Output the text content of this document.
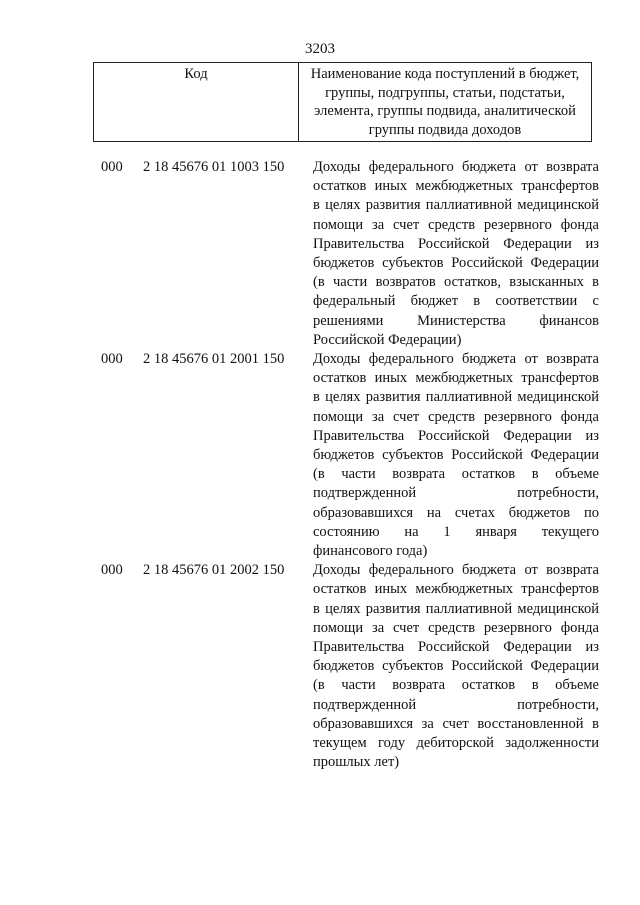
3203
Код	Наименование кода поступлений в бюджет,
группы, подгруппы, статьи, подстатьи,
элемента, группы подвида, аналитической
группы подвида доходов
000	2 18 45676 01 1003 150	Доходы федерального бюджета от возврата
остатков иных межбюджетных трансфертов
в целях развития паллиативной медицинской
помощи за счет средств резервного фонда
Правительства Российской Федерации из
бюджетов субъектов Российской Федерации
(в части возвратов остатков, взысканных в
федеральный бюджет в соответствии с
решениями Министерства финансов
Российской Федерации)
000	2 18 45676 01 2001 150	Доходы федерального бюджета от возврата
остатков иных межбюджетных трансфертов
в целях развития паллиативной медицинской
помощи за счет средств резервного фонда
Правительства Российской Федерации из
бюджетов субъектов Российской Федерации
(в части возврата остатков в объеме
подтвержденной потребности,
образовавшихся на счетах бюджетов по
состоянию на 1 января текущего
финансового года)
000	2 18 45676 01 2002 150	Доходы федерального бюджета от возврата
остатков иных межбюджетных трансфертов
в целях развития паллиативной медицинской
помощи за счет средств резервного фонда
Правительства Российской Федерации из
бюджетов субъектов Российской Федерации
(в части возврата остатков в объеме
подтвержденной потребности,
образовавшихся за счет восстановленной в
текущем году дебиторской задолженности
прошлых лет)
